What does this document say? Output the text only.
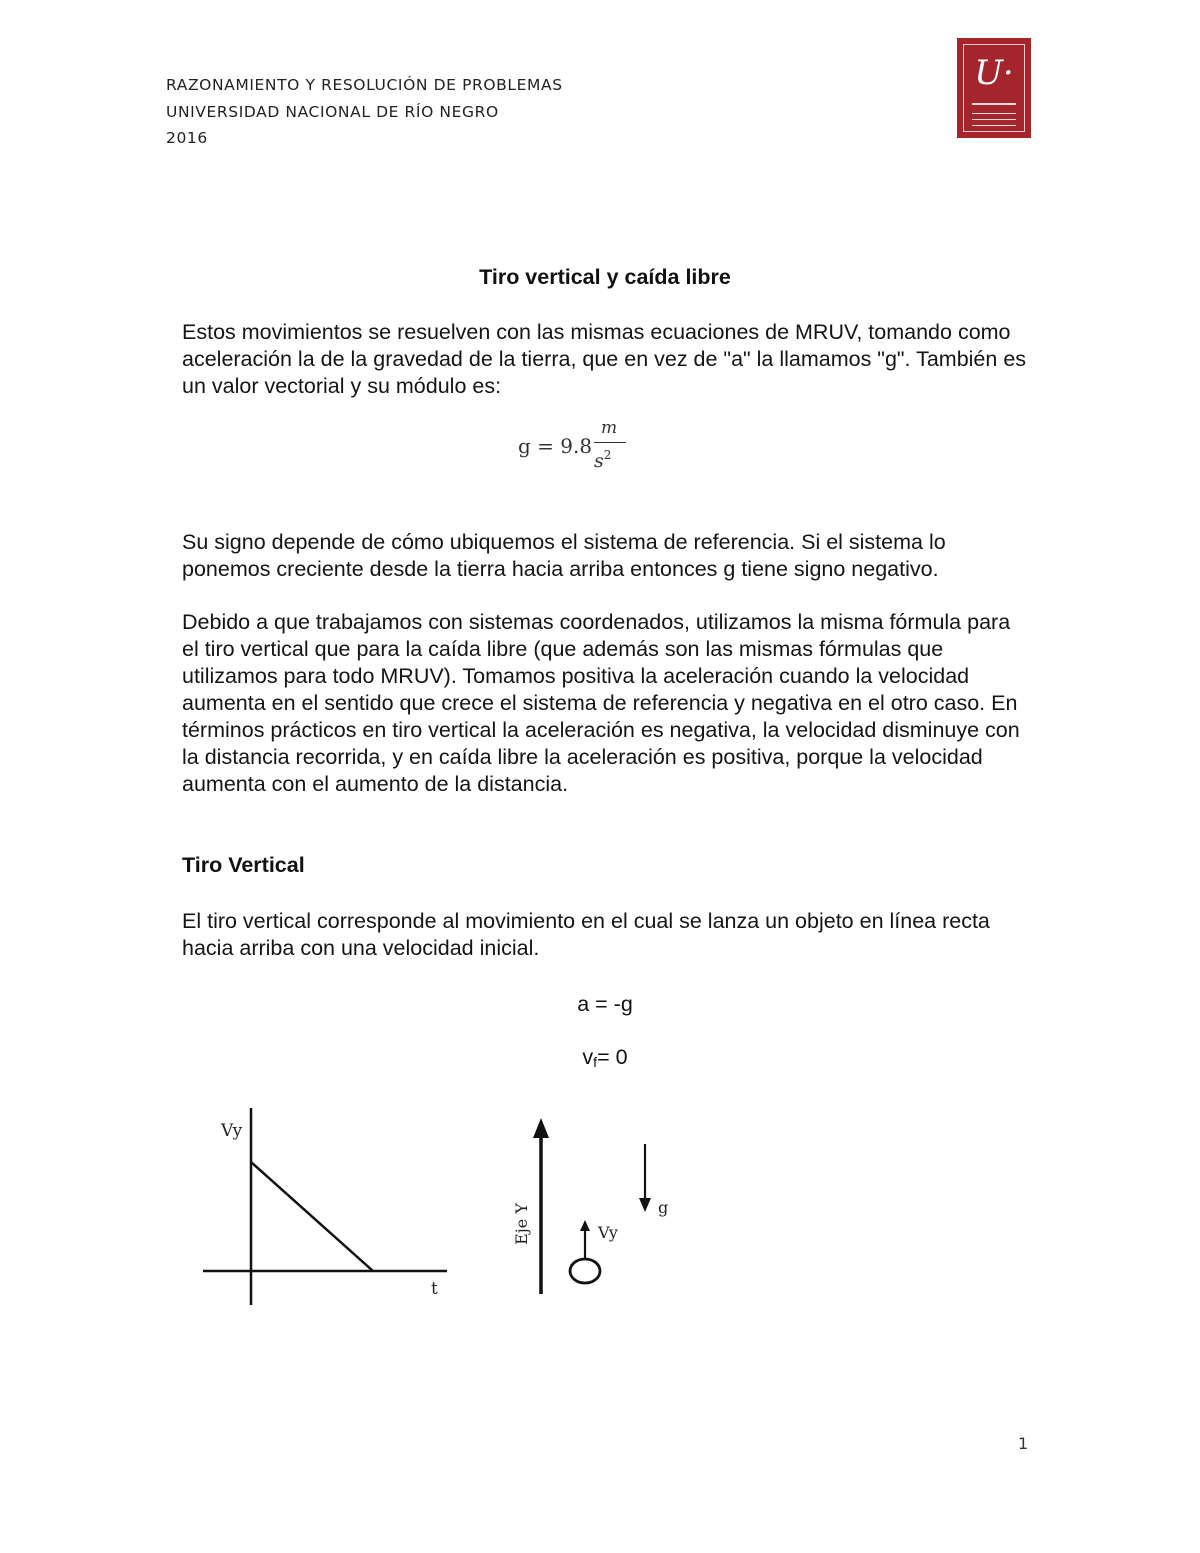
RAZONAMIENTO Y RESOLUCIÓN DE PROBLEMAS
UNIVERSIDAD NACIONAL DE RÍO NEGRO
2016
U·
Tiro vertical y caída libre
Estos movimientos se resuelven con las mismas ecuaciones de MRUV, tomando como aceleración la de la gravedad de la tierra, que en vez de "a" la llamamos "g". También es un valor vectorial y su módulo es:
g = 9.8
m
$s^2$
Su signo depende de cómo ubiquemos el sistema de referencia. Si el sistema lo ponemos creciente desde la tierra hacia arriba entonces g tiene signo negativo.
Debido a que trabajamos con sistemas coordenados, utilizamos la misma fórmula para el tiro vertical que para la caída libre (que además son las mismas fórmulas que utilizamos para todo MRUV). Tomamos positiva la aceleración cuando la velocidad aumenta en el sentido que crece el sistema de referencia y negativa en el otro caso. En términos prácticos en tiro vertical la aceleración es negativa, la velocidad disminuye con la distancia recorrida, y en caída libre la aceleración es positiva, porque la velocidad aumenta con el aumento de la distancia.
Tiro Vertical
El tiro vertical corresponde al movimiento en el cual se lanza un objeto en línea recta hacia arriba con una velocidad inicial.
a = -g
$v_f= 0$
Vy
t
Eje Y	Vy
g
1
